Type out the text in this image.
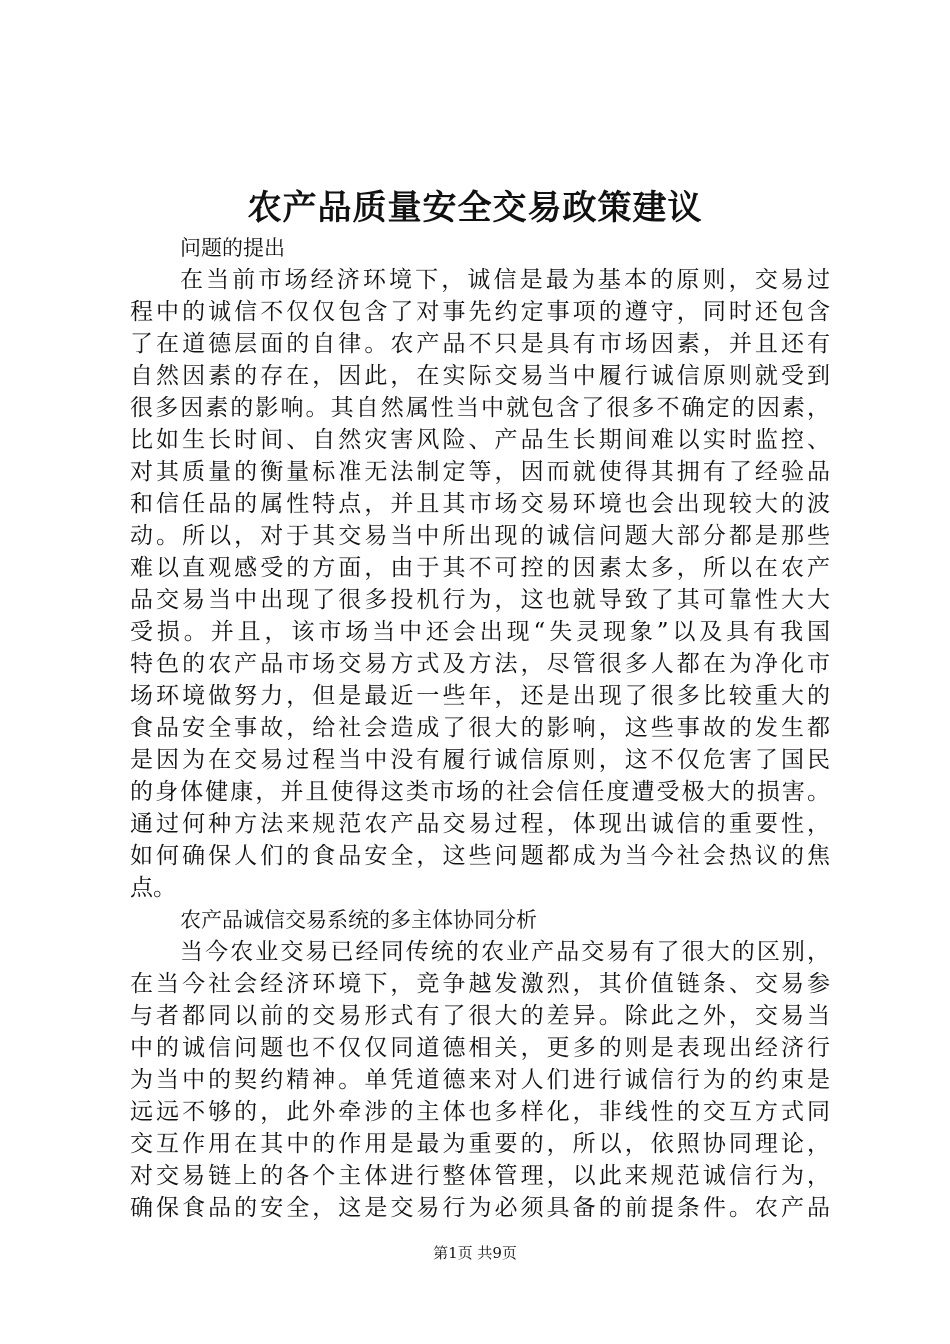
农产品质量安全交易政策建议

问题的提出

在当前市场经济环境下，诚信是最为基本的原则，交易过
程中的诚信不仅仅包含了对事先约定事项的遵守，同时还包含
了在道德层面的自律。农产品不只是具有市场因素，并且还有
自然因素的存在，因此，在实际交易当中履行诚信原则就受到
很多因素的影响。其自然属性当中就包含了很多不确定的因素，
比如生长时间、自然灾害风险、产品生长期间难以实时监控、
对其质量的衡量标准无法制定等，因而就使得其拥有了经验品
和信任品的属性特点，并且其市场交易环境也会出现较大的波
动。所以，对于其交易当中所出现的诚信问题大部分都是那些
难以直观感受的方面，由于其不可控的因素太多，所以在农产
品交易当中出现了很多投机行为，这也就导致了其可靠性大大
受损。并且，该市场当中还会出现“失灵现象”以及具有我国
特色的农产品市场交易方式及方法，尽管很多人都在为净化市
场环境做努力，但是最近一些年，还是出现了很多比较重大的
食品安全事故，给社会造成了很大的影响，这些事故的发生都
是因为在交易过程当中没有履行诚信原则，这不仅危害了国民
的身体健康，并且使得这类市场的社会信任度遭受极大的损害。
通过何种方法来规范农产品交易过程，体现出诚信的重要性，
如何确保人们的食品安全，这些问题都成为当今社会热议的焦
点。

农产品诚信交易系统的多主体协同分析

当今农业交易已经同传统的农业产品交易有了很大的区别，
在当今社会经济环境下，竞争越发激烈，其价值链条、交易参
与者都同以前的交易形式有了很大的差异。除此之外，交易当
中的诚信问题也不仅仅同道德相关，更多的则是表现出经济行
为当中的契约精神。单凭道德来对人们进行诚信行为的约束是
远远不够的，此外牵涉的主体也多样化，非线性的交互方式同
交互作用在其中的作用是最为重要的，所以，依照协同理论，
对交易链上的各个主体进行整体管理，以此来规范诚信行为，
确保食品的安全，这是交易行为必须具备的前提条件。农产品
第1页 共9页
